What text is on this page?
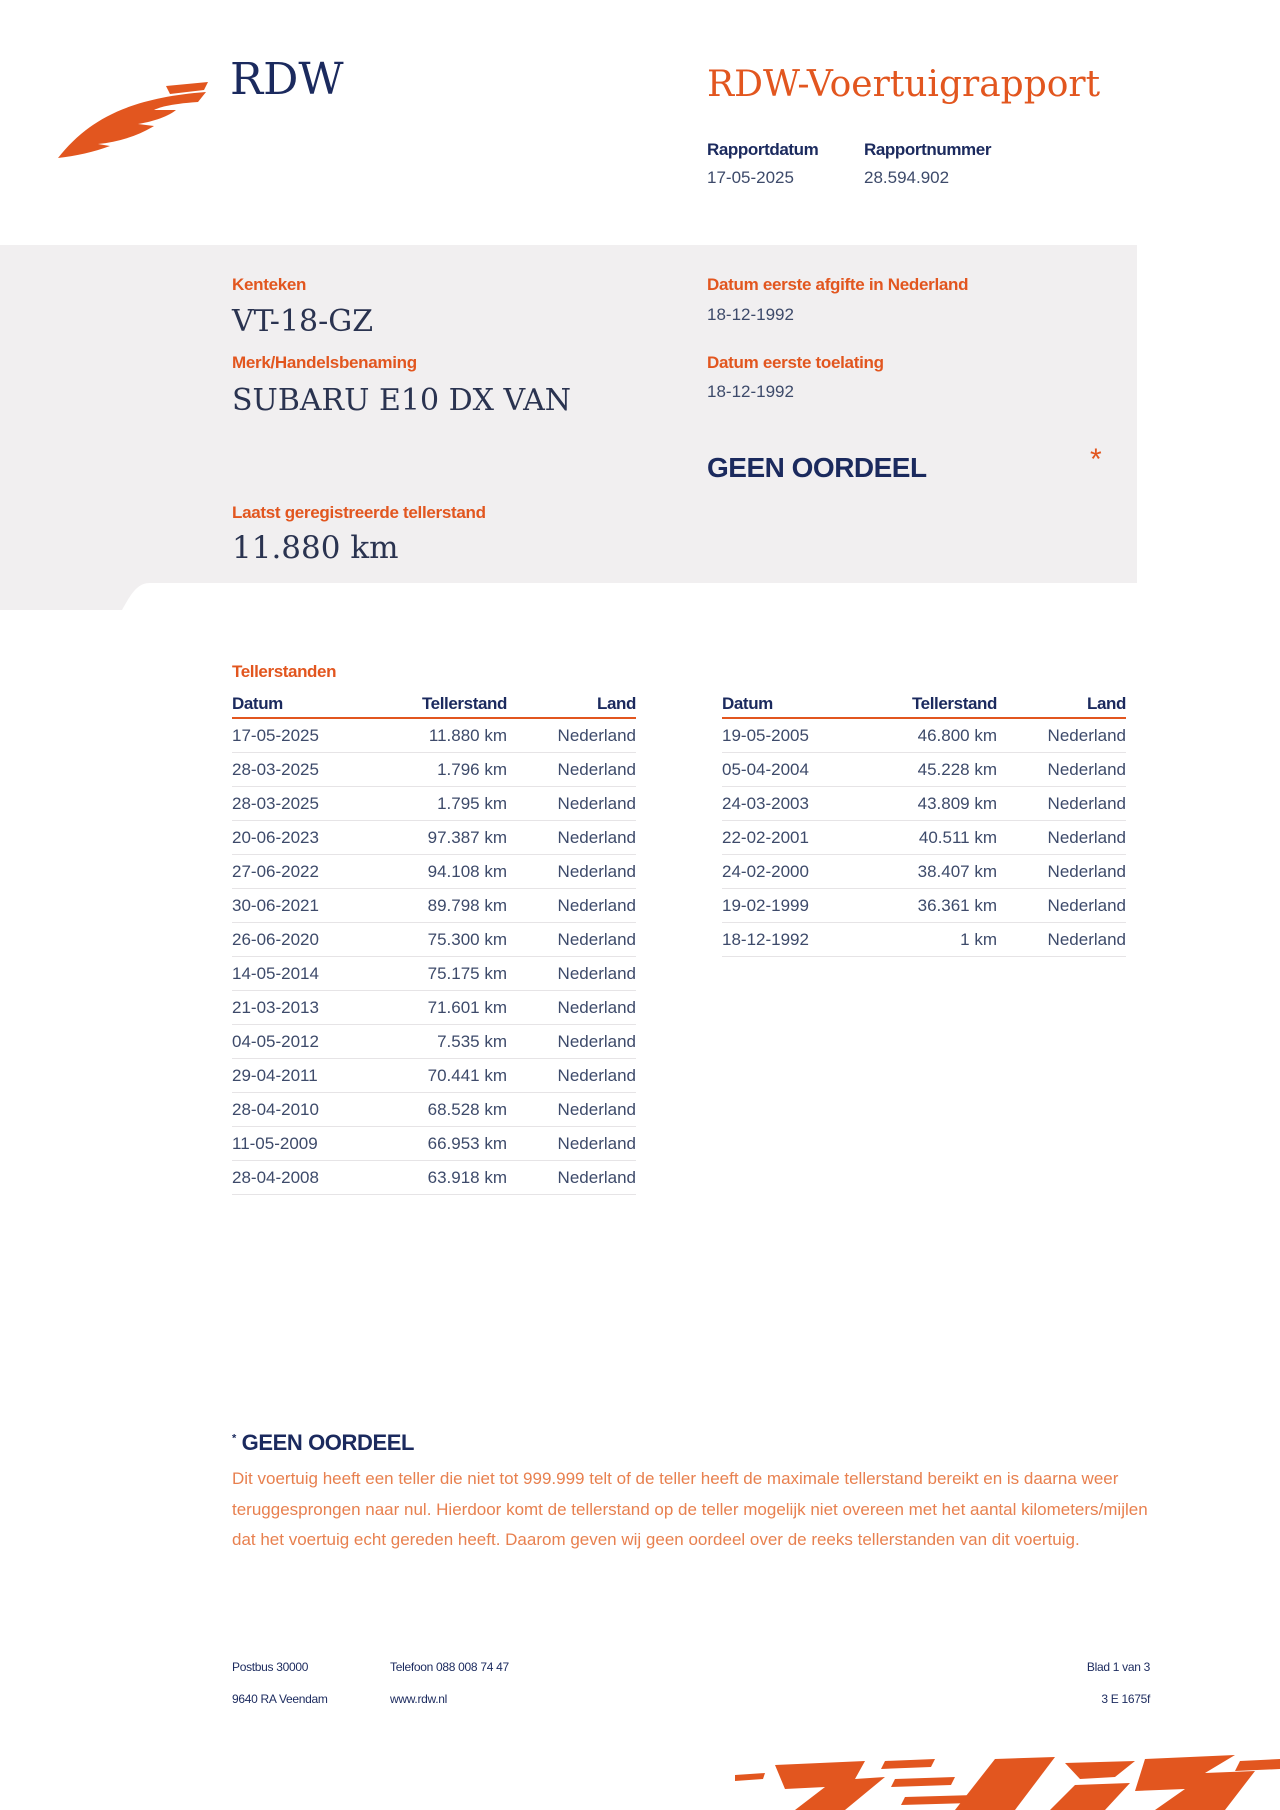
RDW	RDW-Voertuigrapport
Rapportdatum	Rapportnummer
17-05-2025	28.594.902
Kenteken
VT-18-GZ
Merk/Handelsbenaming
SUBARU E10 DX VAN
Laatst geregistreerde tellerstand
11.880 km
Datum eerste afgifte in Nederland
18-12-1992
Datum eerste toelating
18-12-1992
GEEN OORDEEL	*
Tellerstanden
Datum	Tellerstand	Land
17-05-2025	11.880 km	Nederland
28-03-2025	1.796 km	Nederland
28-03-2025	1.795 km	Nederland
20-06-2023	97.387 km	Nederland
27-06-2022	94.108 km	Nederland
30-06-2021	89.798 km	Nederland
26-06-2020	75.300 km	Nederland
14-05-2014	75.175 km	Nederland
21-03-2013	71.601 km	Nederland
04-05-2012	7.535 km	Nederland
29-04-2011	70.441 km	Nederland
28-04-2010	68.528 km	Nederland
11-05-2009	66.953 km	Nederland
28-04-2008	63.918 km	Nederland
Datum	Tellerstand	Land
19-05-2005	46.800 km	Nederland
05-04-2004	45.228 km	Nederland
24-03-2003	43.809 km	Nederland
22-02-2001	40.511 km	Nederland
24-02-2000	38.407 km	Nederland
19-02-1999	36.361 km	Nederland
18-12-1992	1 km	Nederland
* GEEN OORDEEL
Dit voertuig heeft een teller die niet tot 999.999 telt of de teller heeft de maximale tellerstand bereikt en is daarna weer teruggesprongen naar nul. Hierdoor komt de tellerstand op de teller mogelijk niet overeen met het aantal kilometers/mijlen dat het voertuig echt gereden heeft. Daarom geven wij geen oordeel over de reeks tellerstanden van dit voertuig.
Postbus 30000
9640 RA Veendam
Telefoon 088 008 74 47
www.rdw.nl
Blad 1 van 3
3 E 1675f
